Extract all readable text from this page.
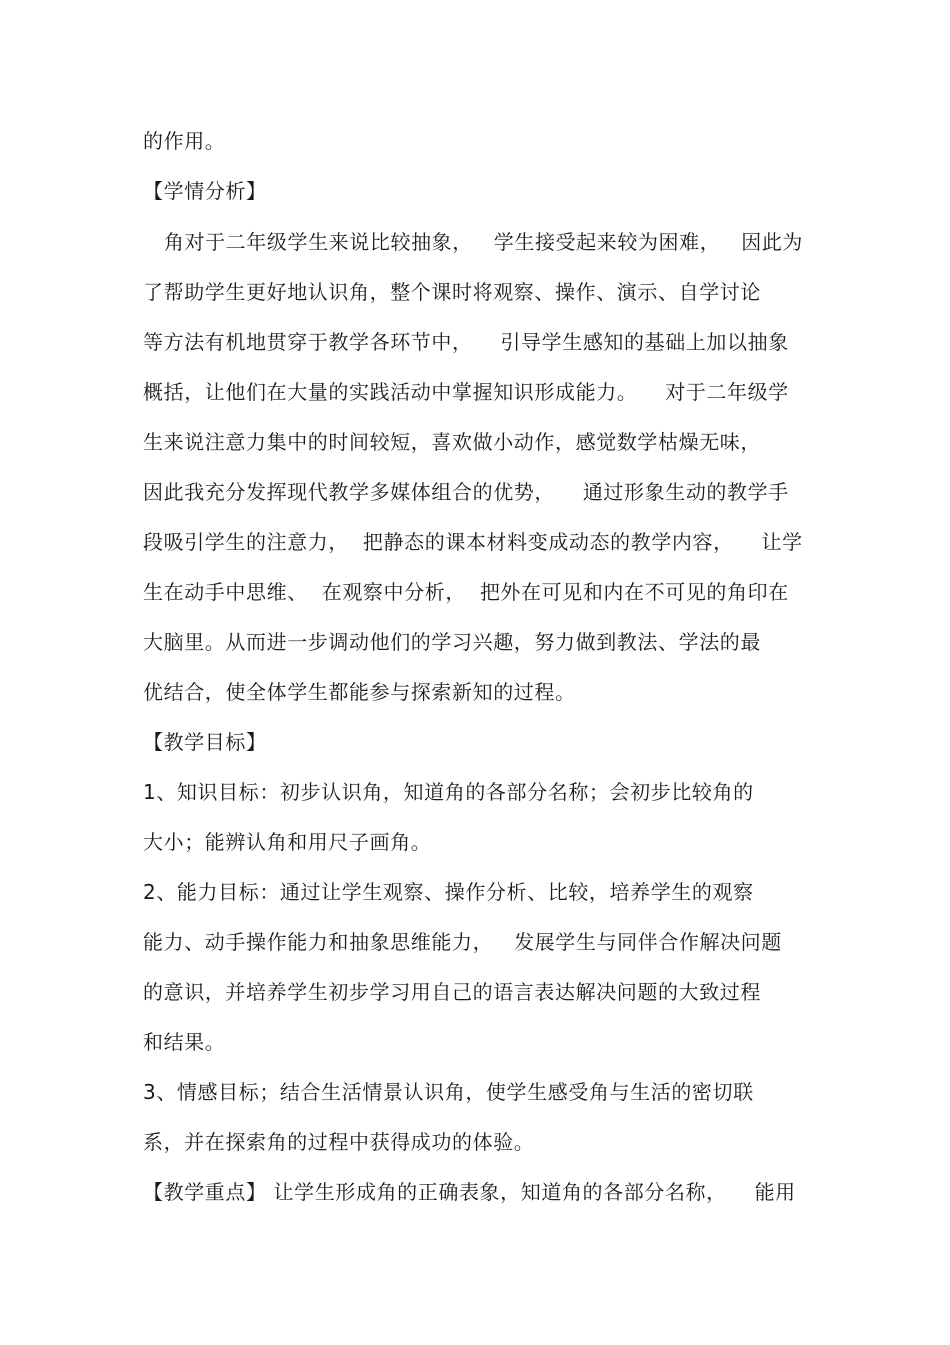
的作用。
【学情分析】
角对于二年级学生来说比较抽象，   学生接受起来较为困难，   因此为
了帮助学生更好地认识角，整个课时将观察、操作、演示、自学讨论
等方法有机地贯穿于教学各环节中，    引导学生感知的基础上加以抽象
概括，让他们在大量的实践活动中掌握知识形成能力。    对于二年级学
生来说注意力集中的时间较短，喜欢做小动作，感觉数学枯燥无味，
因此我充分发挥现代教学多媒体组合的优势，    通过形象生动的教学手
段吸引学生的注意力，  把静态的课本材料变成动态的教学内容，    让学
生在动手中思维、  在观察中分析，  把外在可见和内在不可见的角印在
大脑里。从而进一步调动他们的学习兴趣，努力做到教法、学法的最
优结合，使全体学生都能参与探索新知的过程。
【教学目标】
1、知识目标：初步认识角，知道角的各部分名称；会初步比较角的
大小；能辨认角和用尺子画角。
2、能力目标：通过让学生观察、操作分析、比较，培养学生的观察
能力、动手操作能力和抽象思维能力，   发展学生与同伴合作解决问题
的意识，并培养学生初步学习用自己的语言表达解决问题的大致过程
和结果。
3、情感目标；结合生活情景认识角，使学生感受角与生活的密切联
系，并在探索角的过程中获得成功的体验。
【教学重点】 让学生形成角的正确表象，知道角的各部分名称，    能用
